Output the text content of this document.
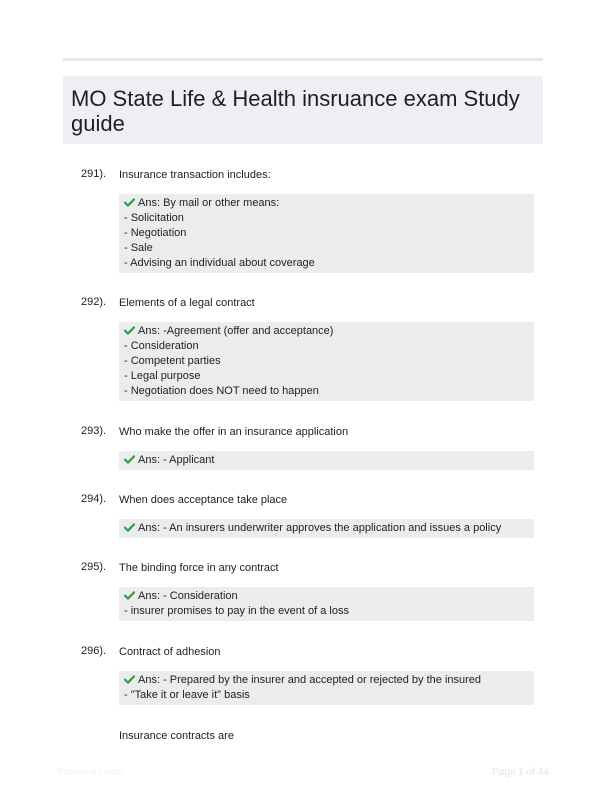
MO State Life & Health insruance exam Study
guide
291). Insurance transaction includes:
Ans: By mail or other means:
- Solicitation
- Negotiation
- Sale
- Advising an individual about coverage
292). Elements of a legal contract
Ans: -Agreement (offer and acceptance)
- Consideration
- Competent parties
- Legal purpose
- Negotiation does NOT need to happen
293). Who make the offer in an insurance application
Ans: - Applicant
294). When does acceptance take place
Ans: - An insurers underwriter approves the application and issues a policy
295). The binding force in any contract
Ans: - Consideration
- insurer promises to pay in the event of a loss
296). Contract of adhesion
Ans: - Prepared by the insurer and accepted or rejected by the insured
- "Take it or leave it" basis
Insurance contracts are
Paperfolio.com	Page 1 of 44
